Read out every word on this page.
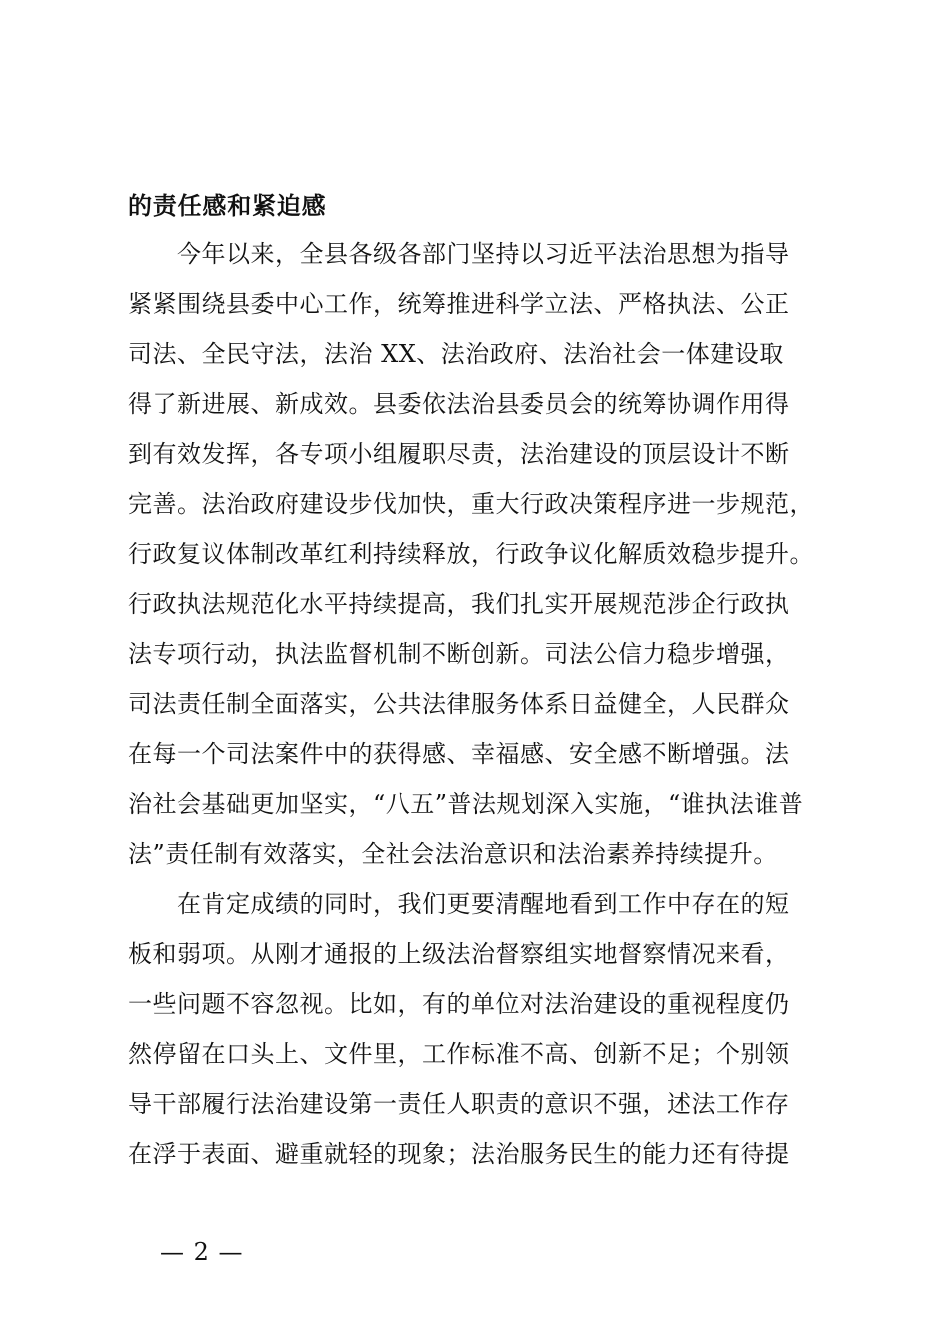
的责任感和紧迫感
今年以来，全县各级各部门坚持以习近平法治思想为指导
紧紧围绕县委中心工作，统筹推进科学立法、严格执法、公正
司法、全民守法，法治 XX、法治政府、法治社会一体建设取
得了新进展、新成效。县委依法治县委员会的统筹协调作用得
到有效发挥，各专项小组履职尽责，法治建设的顶层设计不断
完善。法治政府建设步伐加快，重大行政决策程序进一步规范，
行政复议体制改革红利持续释放，行政争议化解质效稳步提升。
行政执法规范化水平持续提高，我们扎实开展规范涉企行政执
法专项行动，执法监督机制不断创新。司法公信力稳步增强，
司法责任制全面落实，公共法律服务体系日益健全，人民群众
在每一个司法案件中的获得感、幸福感、安全感不断增强。法
治社会基础更加坚实，“八五”普法规划深入实施，“谁执法谁普
法”责任制有效落实，全社会法治意识和法治素养持续提升。
在肯定成绩的同时，我们更要清醒地看到工作中存在的短
板和弱项。从刚才通报的上级法治督察组实地督察情况来看，
一些问题不容忽视。比如，有的单位对法治建设的重视程度仍
然停留在口头上、文件里，工作标准不高、创新不足；个别领
导干部履行法治建设第一责任人职责的意识不强，述法工作存
在浮于表面、避重就轻的现象；法治服务民生的能力还有待提
— 2 —
